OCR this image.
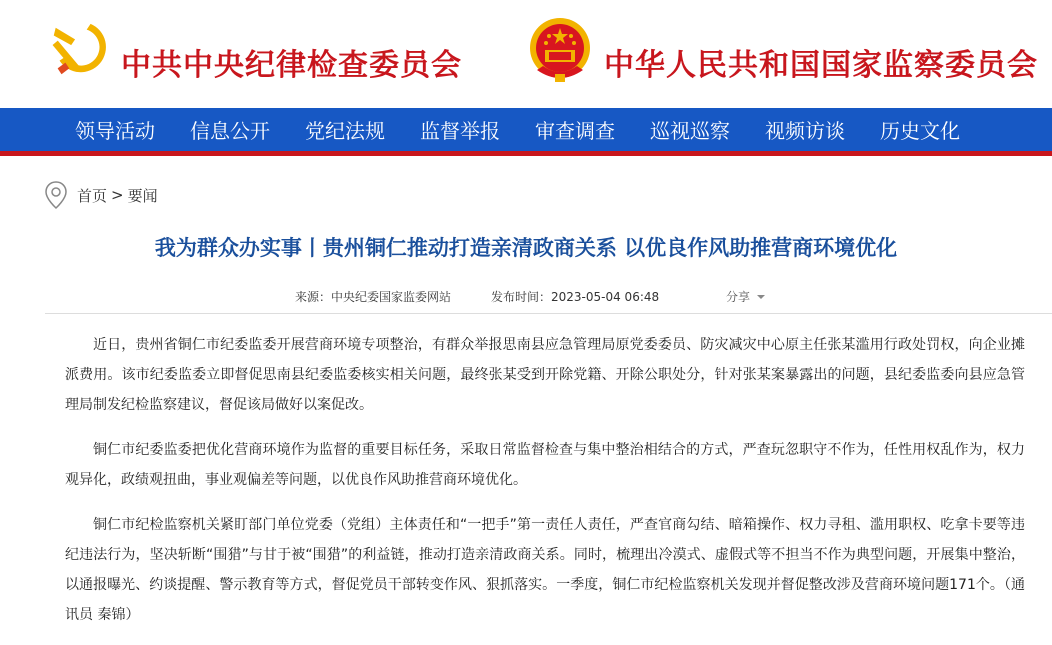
中共中央纪律检查委员会	中华人民共和国国家监察委员会
领导活动 信息公开 党纪法规 监督举报 审查调查 巡视巡察 视频访谈 历史文化
首页 > 要闻
我为群众办实事丨贵州铜仁推动打造亲清政商关系 以优良作风助推营商环境优化
来源：中央纪委国家监委网站	发布时间：2023-05-04 06:48	分享

近日，贵州省铜仁市纪委监委开展营商环境专项整治，有群众举报思南县应急管理局原党委委员、防灾减灾中心原主任张某滥用行政处罚权，向企业摊派费用。该市纪委监委立即督促思南县纪委监委核实相关问题，最终张某受到开除党籍、开除公职处分，针对张某案暴露出的问题，县纪委监委向县应急管理局制发纪检监察建议，督促该局做好以案促改。

铜仁市纪委监委把优化营商环境作为监督的重要目标任务，采取日常监督检查与集中整治相结合的方式，严查玩忽职守不作为，任性用权乱作为，权力观异化，政绩观扭曲，事业观偏差等问题，以优良作风助推营商环境优化。

铜仁市纪检监察机关紧盯部门单位党委（党组）主体责任和“一把手”第一责任人责任，严查官商勾结、暗箱操作、权力寻租、滥用职权、吃拿卡要等违纪违法行为，坚决斩断“围猎”与甘于被“围猎”的利益链，推动打造亲清政商关系。同时，梳理出冷漠式、虚假式等不担当不作为典型问题，开展集中整治，以通报曝光、约谈提醒、警示教育等方式，督促党员干部转变作风、狠抓落实。一季度，铜仁市纪检监察机关发现并督促整改涉及营商环境问题171个。（通讯员 秦锦）
